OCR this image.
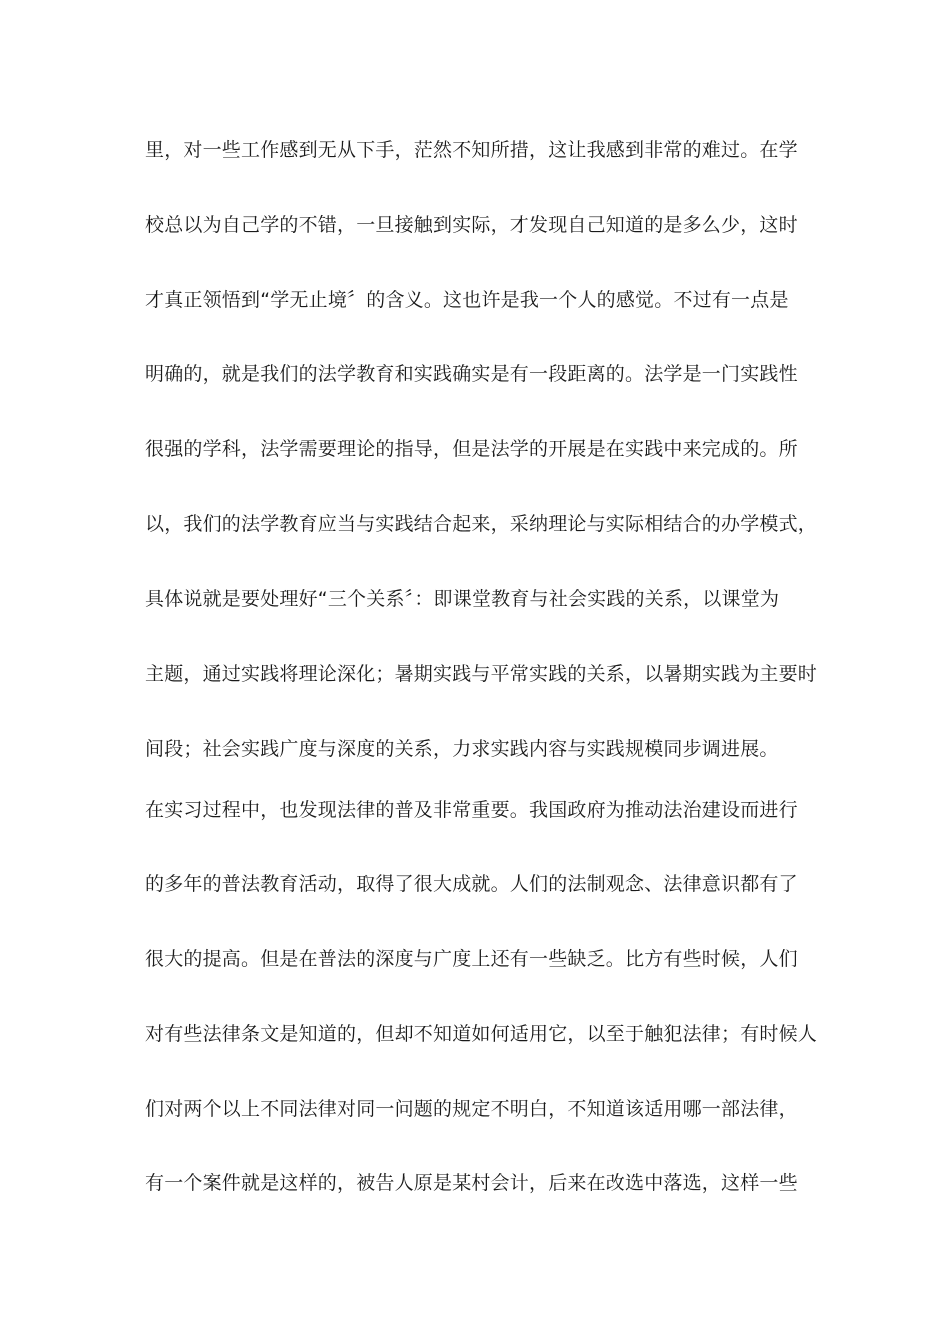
里，对一些工作感到无从下手，茫然不知所措，这让我感到非常的难过。在学
校总以为自己学的不错，一旦接触到实际，才发现自己知道的是多么少，这时
才真正领悟到“学无止境〞的含义。这也许是我一个人的感觉。不过有一点是
明确的，就是我们的法学教育和实践确实是有一段距离的。法学是一门实践性
很强的学科，法学需要理论的指导，但是法学的开展是在实践中来完成的。所
以，我们的法学教育应当与实践结合起来，采纳理论与实际相结合的办学模式，
具体说就是要处理好“三个关系〞：即课堂教育与社会实践的关系，以课堂为
主题，通过实践将理论深化；暑期实践与平常实践的关系，以暑期实践为主要时
间段；社会实践广度与深度的关系，力求实践内容与实践规模同步调进展。
在实习过程中，也发现法律的普及非常重要。我国政府为推动法治建设而进行
的多年的普法教育活动，取得了很大成就。人们的法制观念、法律意识都有了
很大的提高。但是在普法的深度与广度上还有一些缺乏。比方有些时候，人们
对有些法律条文是知道的，但却不知道如何适用它，以至于触犯法律；有时候人
们对两个以上不同法律对同一问题的规定不明白，不知道该适用哪一部法律，
有一个案件就是这样的，被告人原是某村会计，后来在改选中落选，这样一些
